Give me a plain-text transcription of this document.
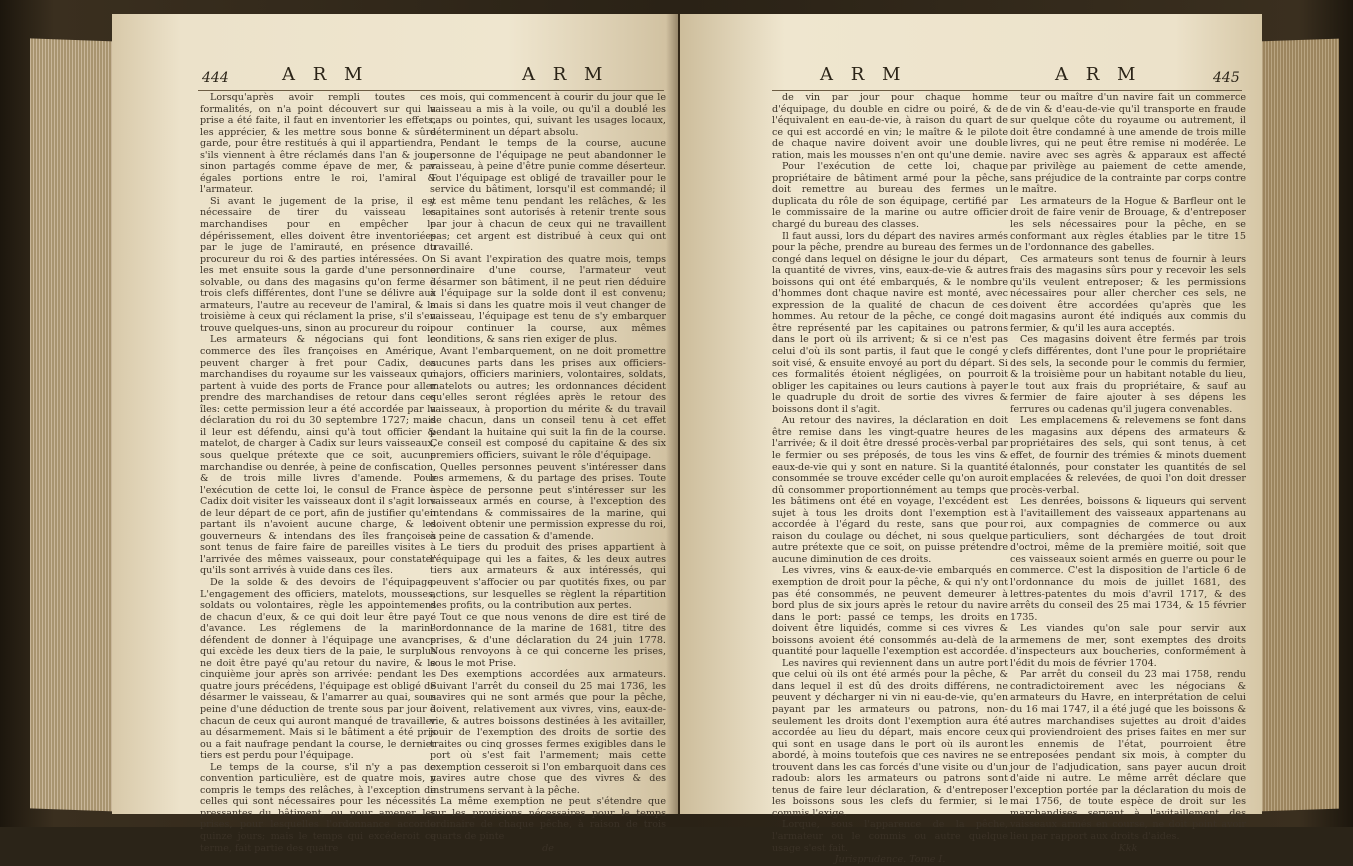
444	A R M	A R M

Lorsqu'après avoir rempli toutes ces formalités, on n'a point découvert sur qui la prise a été faite, il faut en inventorier les effets, les apprécier, & les mettre sous bonne & sûre garde, pour être restitués à qui il appartiendra, s'ils viennent à être réclamés dans l'an & jour, sinon partagés comme épave de mer, & par égales portions entre le roi, l'amiral & l'armateur.

Si avant le jugement de la prise, il est nécessaire de tirer du vaisseau les marchandises pour en empêcher le dépérissement, elles doivent être inventoriées par le juge de l'amirauté, en présence du procureur du roi & des parties intéressées. On les met ensuite sous la garde d'une personne solvable, ou dans des magasins qu'on ferme à trois clefs différentes, dont l'une se délivre aux armateurs, l'autre au receveur de l'amiral, & la troisième à ceux qui réclament la prise, s'il s'en trouve quelques-uns, sinon au procureur du roi.

Les armateurs & négocians qui font le commerce des îles françoises en Amérique, peuvent charger à fret pour Cadix, des marchandises du royaume sur les vaisseaux qui partent à vuide des ports de France pour aller prendre des marchandises de retour dans ces îles: cette permission leur a été accordée par la déclaration du roi du 30 septembre 1727; mais il leur est défendu, ainsi qu'à tout officier & matelot, de charger à Cadix sur leurs vaisseaux, sous quelque prétexte que ce soit, aucune marchandise ou denrée, à peine de confiscation, & de trois mille livres d'amende. Pour l'exécution de cette loi, le consul de France à Cadix doit visiter les vaisseaux dont il s'agit lors de leur départ de ce port, afin de justifier qu'en partant ils n'avoient aucune charge, & les gouverneurs & intendans des îles françoises sont tenus de faire faire de pareilles visites à l'arrivée des mêmes vaisseaux, pour constater qu'ils sont arrivés à vuide dans ces îles.

De la solde & des devoirs de l'équipage. L'engagement des officiers, matelots, mousses, soldats ou volontaires, règle les appointemens de chacun d'eux, & ce qui doit leur être payé d'avance. Les réglemens de la marine défendent de donner à l'équipage une avance qui excède les deux tiers de la paie, le surplus ne doit être payé qu'au retour du navire, & le cinquième jour après son arrivée: pendant les quatre jours précédens, l'équipage est obligé de désarmer le vaisseau, & l'amarrer au quai, sous peine d'une déduction de trente sous par jour à chacun de ceux qui auront manqué de travailler au désarmement. Mais si le bâtiment a été pris ou a fait naufrage pendant la course, le dernier tiers est perdu pour l'équipage.

Le temps de la course, s'il n'y a pas de convention particulière, est de quatre mois, y compris le temps des relâches, à l'exception de celles qui sont nécessaires pour les nécessités pressantes du bâtiment, ou pour amener les prises, pour lesquelles l'ordonnance accorde quinze jours; mais le temps qui excéderoit ce terme, fait partie des quatre

mois, qui commencent à courir du jour que le vaisseau a mis à la voile, ou qu'il a doublé les caps ou pointes, qui, suivant les usages locaux, déterminent un départ absolu.

Pendant le temps de la course, aucune personne de l'équipage ne peut abandonner le vaisseau, à peine d'être punie comme déserteur. Tout l'équipage est obligé de travailler pour le service du bâtiment, lorsqu'il est commandé; il y est même tenu pendant les relâches, & les capitaines sont autorisés à retenir trente sous par jour à chacun de ceux qui ne travaillent pas; cet argent est distribué à ceux qui ont travaillé.

Si avant l'expiration des quatre mois, temps ordinaire d'une course, l'armateur veut désarmer son bâtiment, il ne peut rien déduire à l'équipage sur la solde dont il est convenu; mais si dans les quatre mois il veut changer de vaisseau, l'équipage est tenu de s'y embarquer pour continuer la course, aux mêmes conditions, & sans rien exiger de plus.

Avant l'embarquement, on ne doit promettre aucunes parts dans les prises aux officiers-majors, officiers mariniers, volontaires, soldats, matelots ou autres; les ordonnances décident qu'elles seront réglées après le retour des vaisseaux, à proportion du mérite & du travail de chacun, dans un conseil tenu à cet effet pendant la huitaine qui suit la fin de la course. Ce conseil est composé du capitaine & des six premiers officiers, suivant le rôle d'équipage.

Quelles personnes peuvent s'intéresser dans les armemens, & du partage des prises. Toute espèce de personne peut s'intéresser sur les vaisseaux armés en course, à l'exception des intendans & commissaires de la marine, qui doivent obtenir une permission expresse du roi, à peine de cassation & d'amende.

Le tiers du produit des prises appartient à l'équipage qui les a faites, & les deux autres tiers aux armateurs & aux intéressés, qui peuvent s'affocier ou par quotités fixes, ou par actions, sur lesquelles se règlent la répartition des profits, ou la contribution aux pertes.

Tout ce que nous venons de dire est tiré de l'ordonnance de la marine de 1681, titre des prises, & d'une déclaration du 24 juin 1778. Nous renvoyons à ce qui concerne les prises, sous le mot Prise.

Des exemptions accordées aux armateurs. Suivant l'arrêt du conseil du 25 mai 1736, les navires qui ne sont armés que pour la pêche, doivent, relativement aux vivres, vins, eaux-de-vie, & autres boissons destinées à les avitailler, jouir de l'exemption des droits de sortie des traites ou cinq grosses fermes exigibles dans le port où s'est fait l'armement; mais cette exemption cesseroit si l'on embarquoit dans ces navires autre chose que des vivres & des instrumens servant à la pêche.

La même exemption ne peut s'étendre que sur les provisions nécessaires pour le temps ordinaire de chaque pêche, à raison de trois quarts de pinte

de

A R M	A R M	445

de vin par jour pour chaque homme d'équipage, du double en cidre ou poiré, & de l'équivalent en eau-de-vie, à raison du quart de ce qui est accordé en vin; le maître & le pilote de chaque navire doivent avoir une double ration, mais les mousses n'en ont qu'une demie.

Pour l'exécution de cette loi, chaque propriétaire de bâtiment armé pour la pêche, doit remettre au bureau des fermes un duplicata du rôle de son équipage, certifié par le commissaire de la marine ou autre officier chargé du bureau des classes.

Il faut aussi, lors du départ des navires armés pour la pêche, prendre au bureau des fermes un congé dans lequel on désigne le jour du départ, la quantité de vivres, vins, eaux-de-vie & autres boissons qui ont été embarqués, & le nombre d'hommes dont chaque navire est monté, avec expression de la qualité de chacun de ces hommes. Au retour de la pêche, ce congé doit être représenté par les capitaines ou patrons dans le port où ils arrivent; & si ce n'est pas celui d'où ils sont partis, il faut que le congé y soit visé, & ensuite envoyé au port du départ. Si ces formalités étoient négligées, on pourroit obliger les capitaines ou leurs cautions à payer le quadruple du droit de sortie des vivres & boissons dont il s'agit.

Au retour des navires, la déclaration en doit être remise dans les vingt-quatre heures de l'arrivée; & il doit être dressé procès-verbal par le fermier ou ses préposés, de tous les vins & eaux-de-vie qui y sont en nature. Si la quantité consommée se trouve excéder celle qu'on auroit dû consommer proportionnément au temps que les bâtimens ont été en voyage, l'excédent est sujet à tous les droits dont l'exemption est accordée à l'égard du reste, sans que pour raison du coulage ou déchet, ni sous quelque autre prétexte que ce soit, on puisse prétendre aucune diminution de ces droits.

Les vivres, vins & eaux-de-vie embarqués en exemption de droit pour la pêche, & qui n'y ont pas été consommés, ne peuvent demeurer à bord plus de six jours après le retour du navire dans le port: passé ce temps, les droits en doivent être liquidés, comme si ces vivres & boissons avoient été consommés au-delà de la quantité pour laquelle l'exemption est accordée.

Les navires qui reviennent dans un autre port que celui où ils ont été armés pour la pêche, & dans lequel il est dû des droits différens, ne peuvent y décharger ni vin ni eau-de-vie, qu'en payant par les armateurs ou patrons, non-seulement les droits dont l'exemption aura été accordée au lieu du départ, mais encore ceux qui sont en usage dans le port où ils auront abordé, à moins toutefois que ces navires ne se trouvent dans les cas forcés d'une visite ou d'un radoub: alors les armateurs ou patrons sont tenus de faire leur déclaration, & d'entreposer les boissons sous les clefs du fermier, si le commis l'exige.

Lorque, sous l'apparence de la pêche, l'armateur ou le commis ou autre quelque usage s'est fait.

Jurisprudence. Tome I.

teur ou maître d'un navire fait un commerce de vin & d'eau-de-vie qu'il transporte en fraude sur quelque côte du royaume ou autrement, il doit être condamné à une amende de trois mille livres, qui ne peut être remise ni modérée. Le navire avec ses agrès & apparaux est affecté par privilège au paiement de cette amende, sans préjudice de la contrainte par corps contre le maître.

Les armateurs de la Hogue & Barfleur ont le droit de faire venir de Brouage, & d'entreposer les sels nécessaires pour la pêche, en se conformant aux règles établies par le titre 15 de l'ordonnance des gabelles.

Ces armateurs sont tenus de fournir à leurs frais des magasins sûrs pour y recevoir les sels qu'ils veulent entreposer; & les permissions nécessaires pour aller chercher ces sels, ne doivent être accordées qu'après que les magasins auront été indiqués aux commis du fermier, & qu'il les aura acceptés.

Ces magasins doivent être fermés par trois clefs différentes, dont l'une pour le propriétaire des sels, la seconde pour le commis du fermier, & la troisième pour un habitant notable du lieu, le tout aux frais du propriétaire, & sauf au fermier de faire ajouter à ses dépens les ferrures ou cadenas qu'il jugera convenables.

Les emplacemens & relevemens se font dans les magasins aux dépens des armateurs & propriétaires des sels, qui sont tenus, à cet effet, de fournir des trémies & minots duement étalonnés, pour constater les quantités de sel emplacées & relevées, de quoi l'on doit dresser procès-verbal.

Les denrées, boissons & liqueurs qui servent à l'avitaillement des vaisseaux appartenans au roi, aux compagnies de commerce ou aux particuliers, sont déchargées de tout droit d'octroi, même de la première moitié, soit que ces vaisseaux soient armés en guerre ou pour le commerce. C'est la disposition de l'article 6 de l'ordonnance du mois de juillet 1681, des lettres-patentes du mois d'avril 1717, & des arrêts du conseil des 25 mai 1734, & 15 février 1735.

Les viandes qu'on sale pour servir aux armemens de mer, sont exemptes des droits d'inspecteurs aux boucheries, conformément à l'édit du mois de février 1704.

Par arrêt du conseil du 23 mai 1758, rendu contradictoirement avec les négocians & armateurs du Havre, en interprétation de celui du 16 mai 1747, il a été jugé que les boissons & autres marchandises sujettes au droit d'aides qui proviendroient des prises faites en mer sur les ennemis de l'état, pourroient être entreposées pendant six mois, à compter du jour de l'adjudication, sans payer aucun droit d'aide ni autre. Le même arrêt déclare que l'exception portée par la déclaration du mois de mai 1756, de toute espèce de droit sur les marchandises servant à l'avitaillement des vaisseaux armés en course, ne doit point avoir lieu par rapport aux droits d'aides.

Kkk
